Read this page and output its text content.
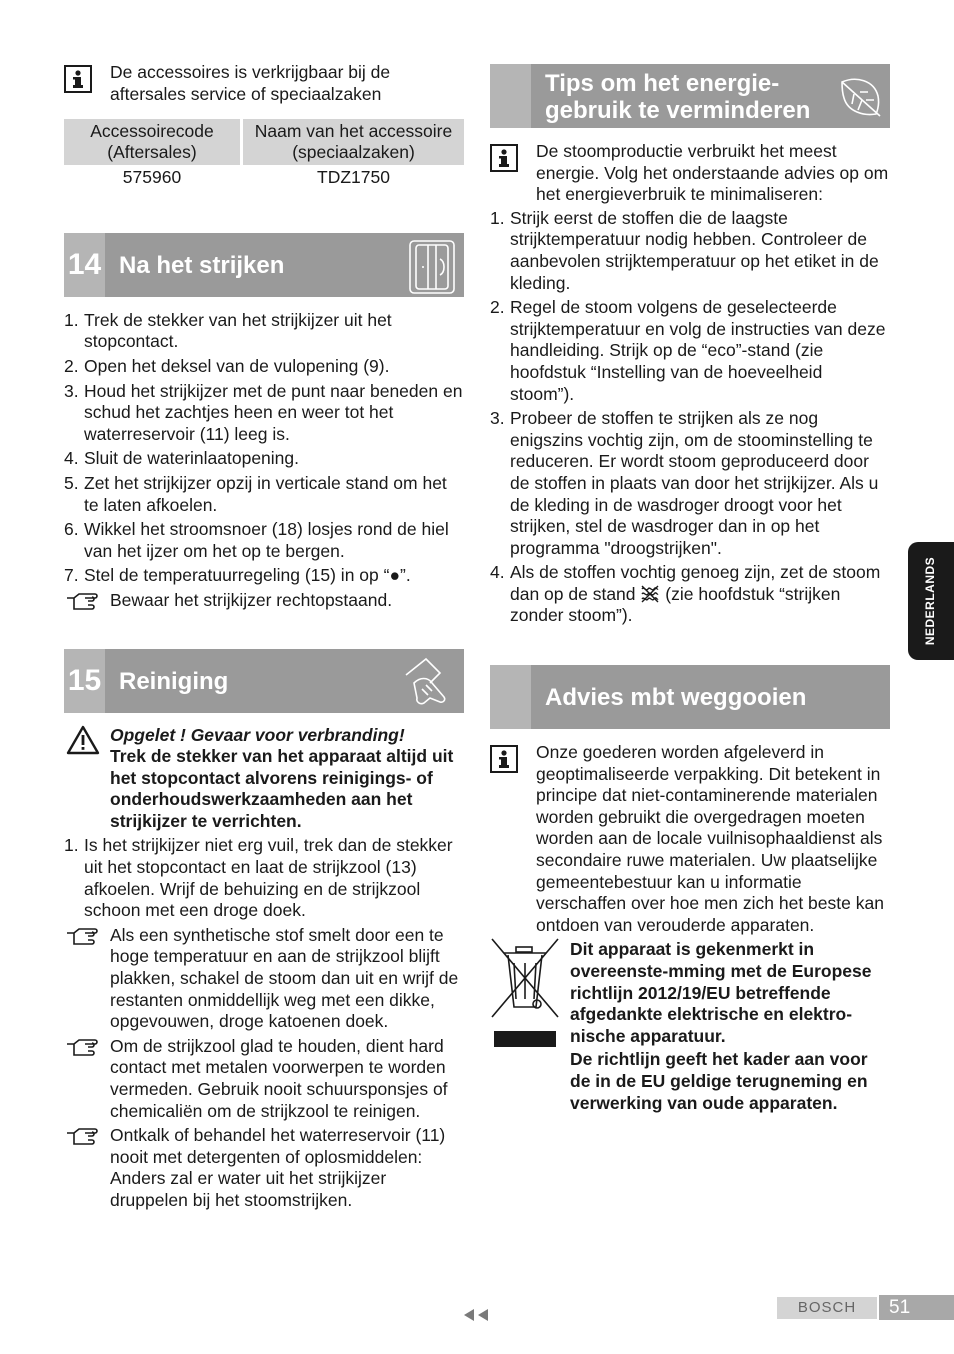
De accessoires is verkrijgbaar bij de aftersales service of speciaalzaken
Accessoirecode (Aftersales)	Naam van het accessoire (speciaalzaken)
575960	TDZ1750
14 Na het strijken
1. Trek de stekker van het strijkijzer uit het stopcontact.
2. Open het deksel van de vulopening (9).
3. Houd het strijkijzer met de punt naar beneden en schud het zachtjes heen en weer tot het waterreservoir (11) leeg is.
4. Sluit de waterinlaatopening.
5. Zet het strijkijzer opzij in verticale stand om het te laten afkoelen.
6. Wikkel het stroomsnoer (18) losjes rond de hiel van het ijzer om het op te bergen.
7. Stel de temperatuurregeling (15) in op “●”.
Bewaar het strijkijzer rechtopstaand.
15 Reiniging
Opgelet ! Gevaar voor verbranding!
Trek de stekker van het apparaat altijd uit het stopcontact alvorens reinigings- of onderhoudswerkzaamheden aan het strijkijzer te verrichten.
1. Is het strijkijzer niet erg vuil, trek dan de stekker uit het stopcontact en laat de strijkzool (13) afkoelen. Wrijf de behuizing en de strijkzool schoon met een droge doek.
Als een synthetische stof smelt door een te hoge temperatuur en aan de strijkzool blijft plakken, schakel de stoom dan uit en wrijf de restanten onmiddellijk weg met een dikke, opgevouwen, droge katoenen doek.
Om de strijkzool glad te houden, dient hard contact met metalen voorwerpen te worden vermeden. Gebruik nooit schuursponsjes of chemicaliën om de strijkzool te reinigen.
Ontkalk of behandel het waterreservoir (11) nooit met detergenten of oplosmiddelen: Anders zal er water uit het strijkijzer druppelen bij het stoomstrijken.
Tips om het energie- gebruik te verminderen
De stoomproductie verbruikt het meest energie. Volg het onderstaande advies op om het energieverbruik te minimaliseren:
1. Strijk eerst de stoffen die de laagste strijktemperatuur nodig hebben. Controleer de aanbevolen strijktemperatuur op het etiket in de kleding.
2. Regel de stoom volgens de geselecteerde strijktemperatuur en volg de instructies van deze handleiding. Strijk op de “eco”-stand (zie hoofdstuk “Instelling van de hoeveelheid stoom”).
3. Probeer de stoffen te strijken als ze nog enigszins vochtig zijn, om de stoominstelling te reduceren. Er wordt stoom geproduceerd door de stoffen in plaats van door het strijkijzer. Als u de kleding in de wasdroger droogt voor het strijken, stel de wasdroger dan in op het programma "droogstrijken".
4. Als de stoffen vochtig genoeg zijn, zet de stoom dan op de stand (zie hoofdstuk “strijken zonder stoom”).
Advies mbt weggooien
Onze goederen worden afgeleverd in geoptimaliseerde verpakking. Dit betekent in principe dat niet-contaminerende materialen worden gebruikt die overgedragen moeten worden aan de locale vuilnisophaaldienst als secondaire ruwe materialen. Uw plaatselijke gemeentebestuur kan u informatie verschaffen over hoe men zich het beste kan ontdoen van verouderde apparaten.
Dit apparaat is gekenmerkt in overeenste-mming met de Europese richtlijn 2012/19/EU betreffende afgedankte elektrische en elektro- nische apparatuur.
De richtlijn geeft het kader aan voor de in de EU geldige terugneming en verwerking van oude apparaten.
NEDERLANDS
BOSCH	51
